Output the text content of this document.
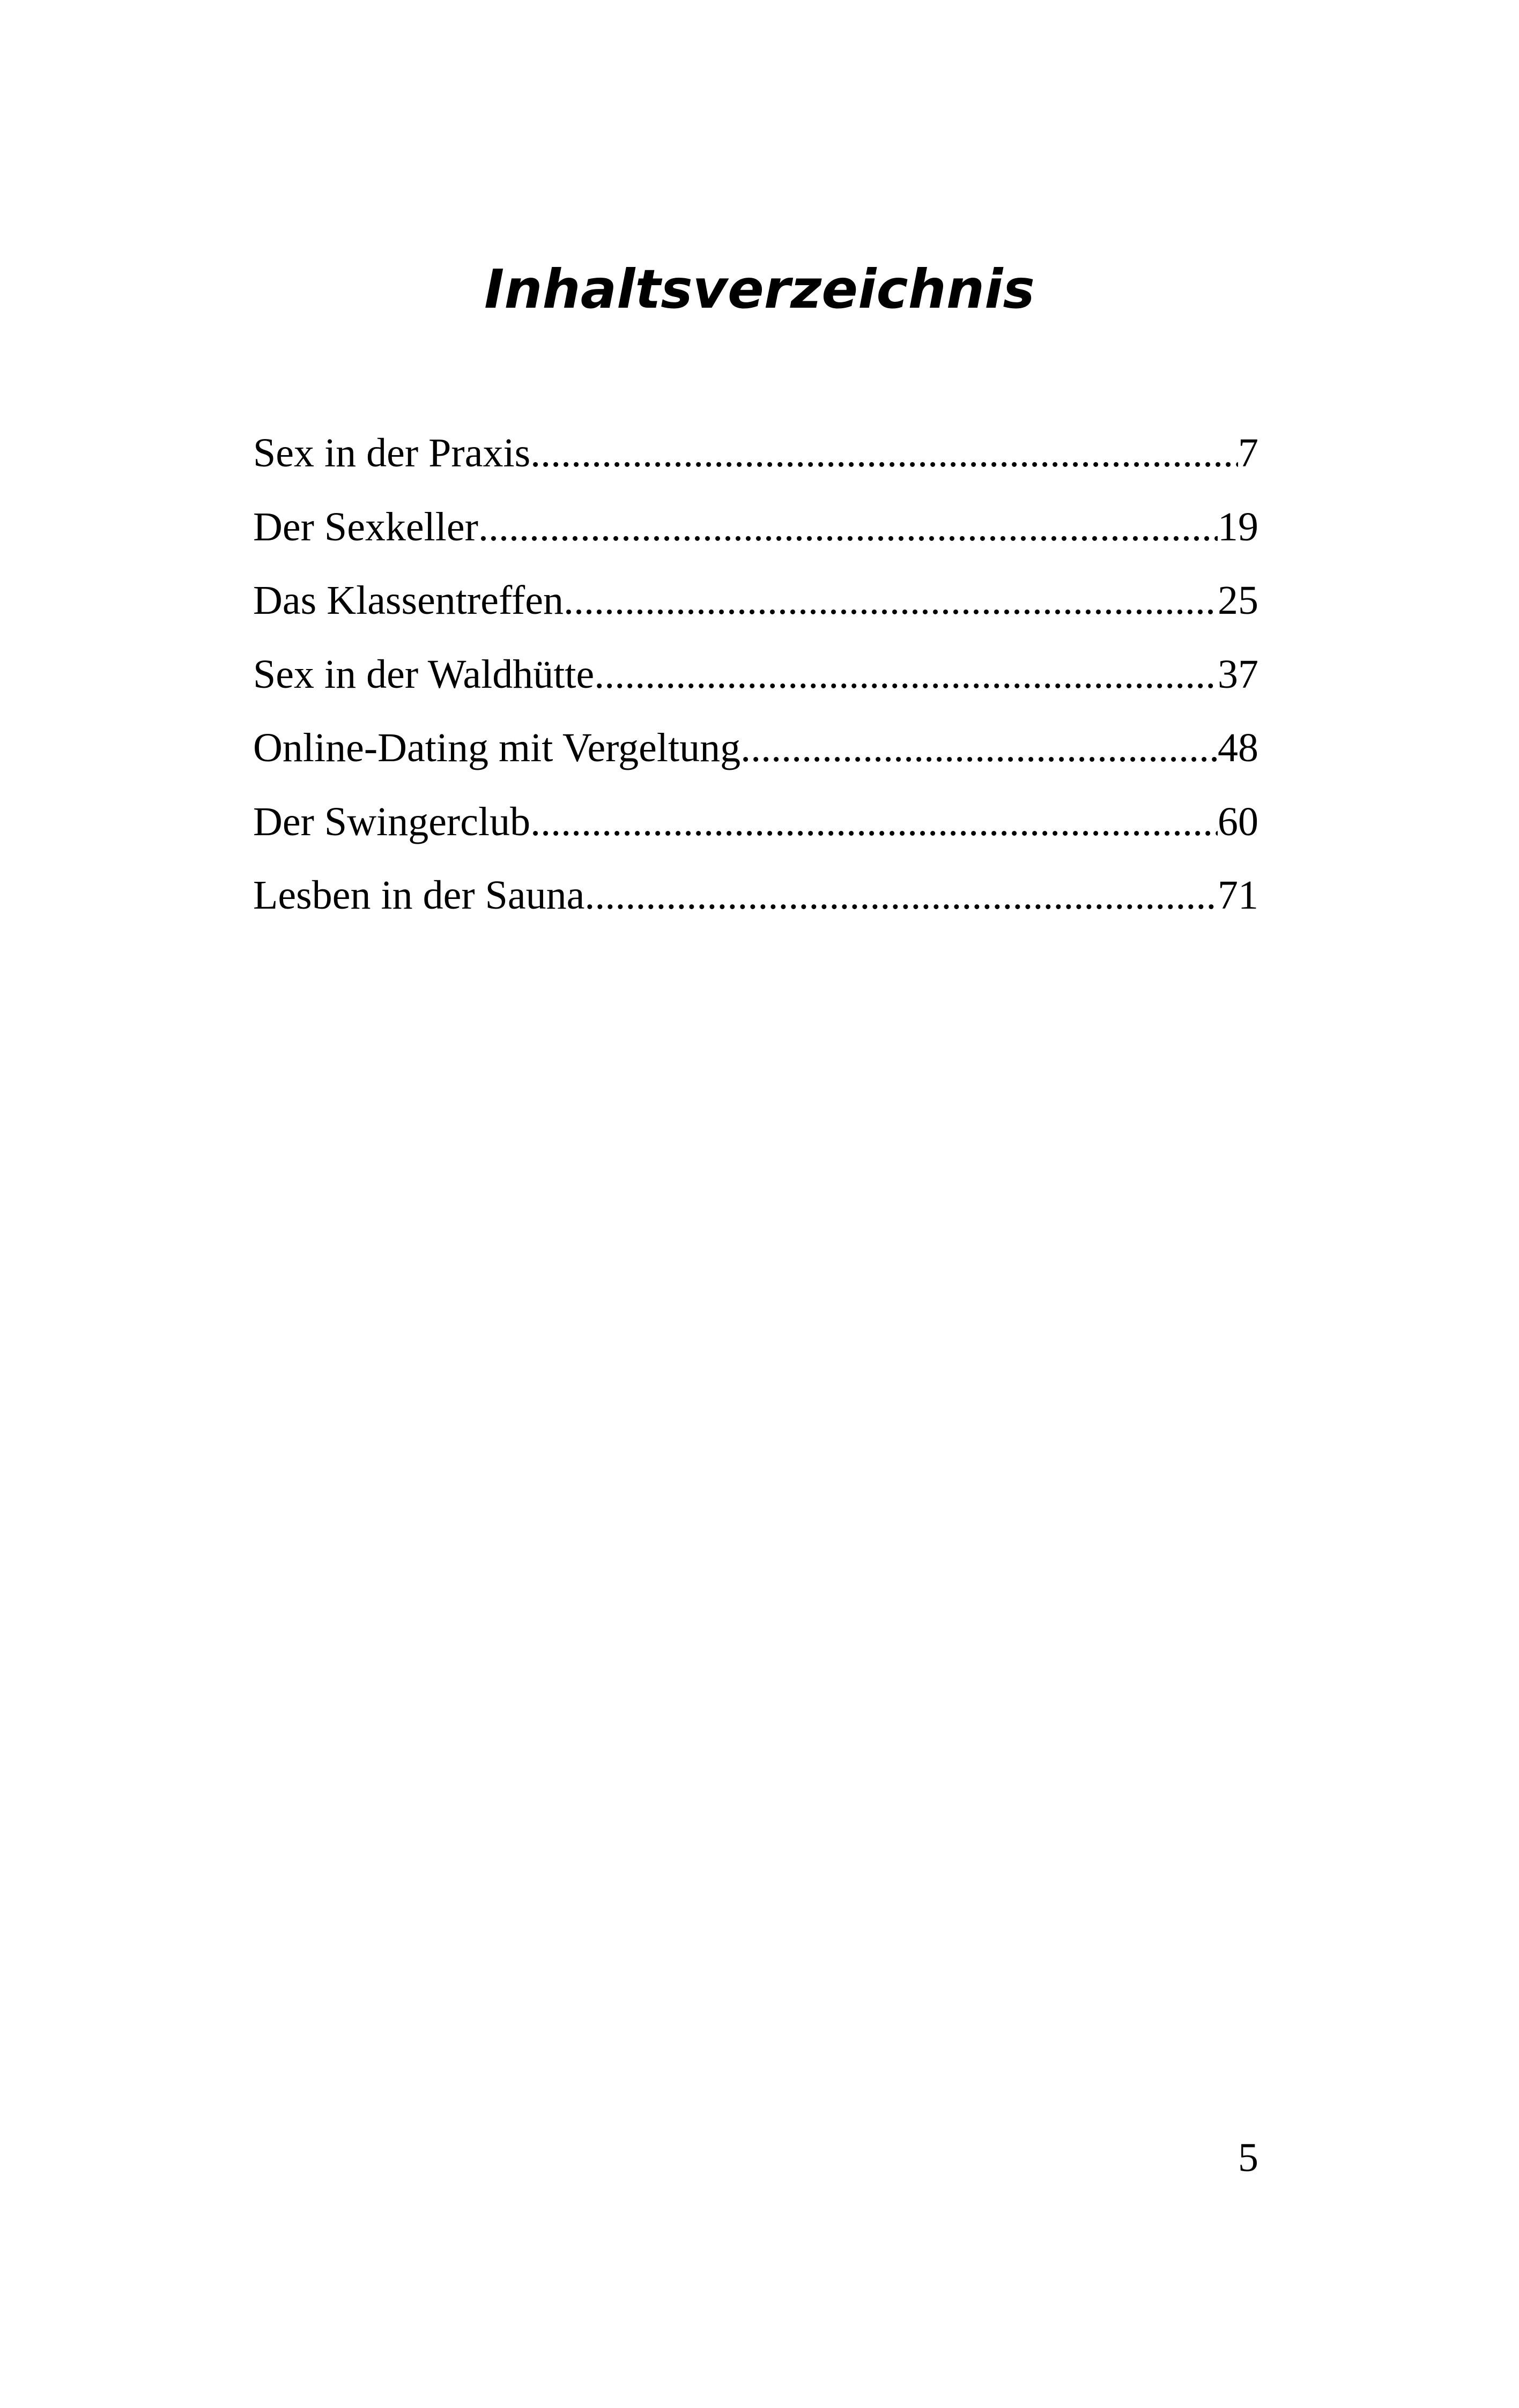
Inhaltsverzeichnis
Sex in der Praxis .....	7
Der Sexkeller .....	19
Das Klassentreffen .....	25
Sex in der Waldhütte .....	37
Online-Dating mit Vergeltung .....	48
Der Swingerclub .....	60
Lesben in der Sauna .....	71
5
